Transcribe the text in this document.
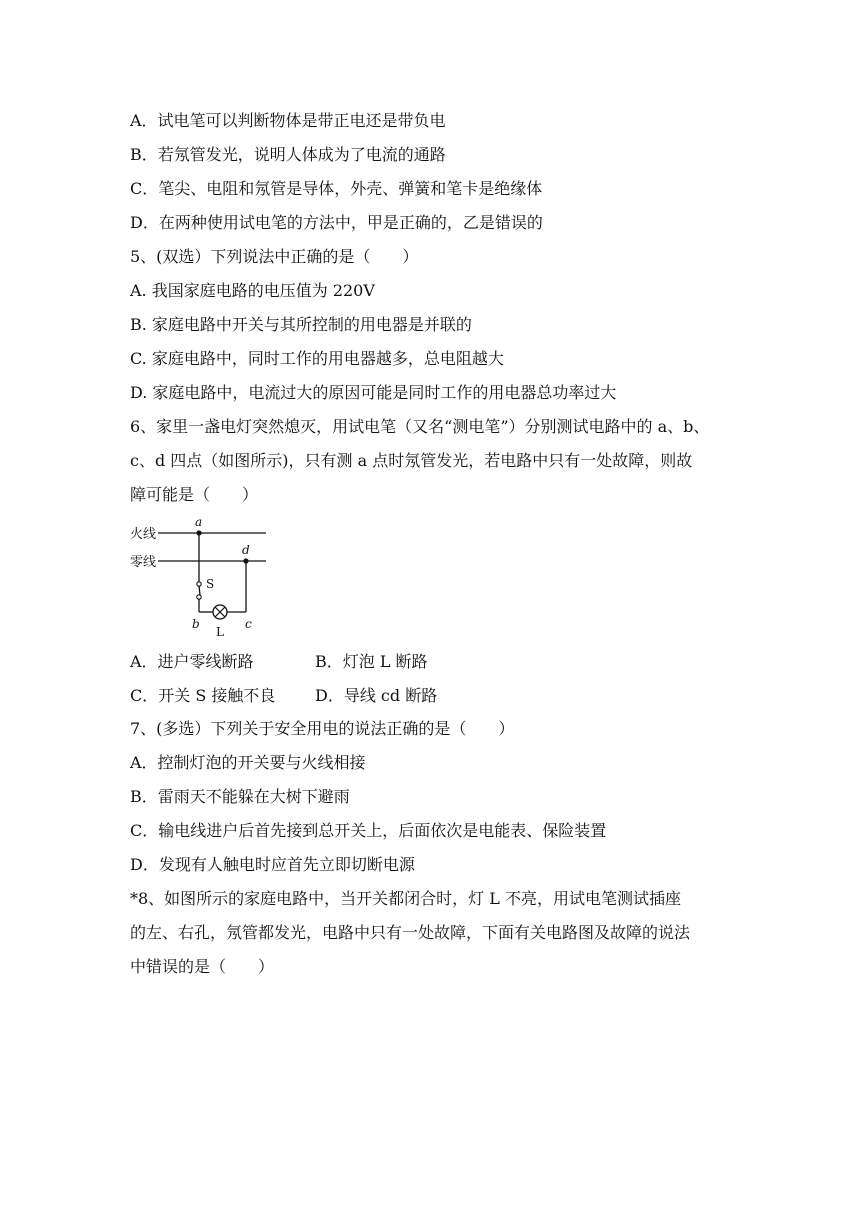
A．试电笔可以判断物体是带正电还是带负电
B．若氖管发光，说明人体成为了电流的通路
C．笔尖、电阻和氖管是导体，外壳、弹簧和笔卡是绝缘体
D．在两种使用试电笔的方法中，甲是正确的，乙是错误的
5、(双选）下列说法中正确的是（　　）
A. 我国家庭电路的电压值为 220V
B. 家庭电路中开关与其所控制的用电器是并联的
C. 家庭电路中，同时工作的用电器越多，总电阻越大
D. 家庭电路中，电流过大的原因可能是同时工作的用电器总功率过大
6、家里一盏电灯突然熄灭，用试电笔（又名“测电笔”）分别测试电路中的 a、b、
c、d 四点（如图所示)，只有测 a 点时氖管发光，若电路中只有一处故障，则故
障可能是（　　）
火线
零线
a
S
d
b
L
c
A．进户零线断路	B．灯泡 L 断路
C．开关 S 接触不良 D．导线 cd 断路
7、(多选）下列关于安全用电的说法正确的是（　　）
A．控制灯泡的开关要与火线相接
B．雷雨天不能躲在大树下避雨
C．输电线进户后首先接到总开关上，后面依次是电能表、保险装置
D．发现有人触电时应首先立即切断电源
*8、如图所示的家庭电路中，当开关都闭合时，灯 L 不亮，用试电笔测试插座
的左、右孔，氖管都发光，电路中只有一处故障，下面有关电路图及故障的说法
中错误的是（　　）
